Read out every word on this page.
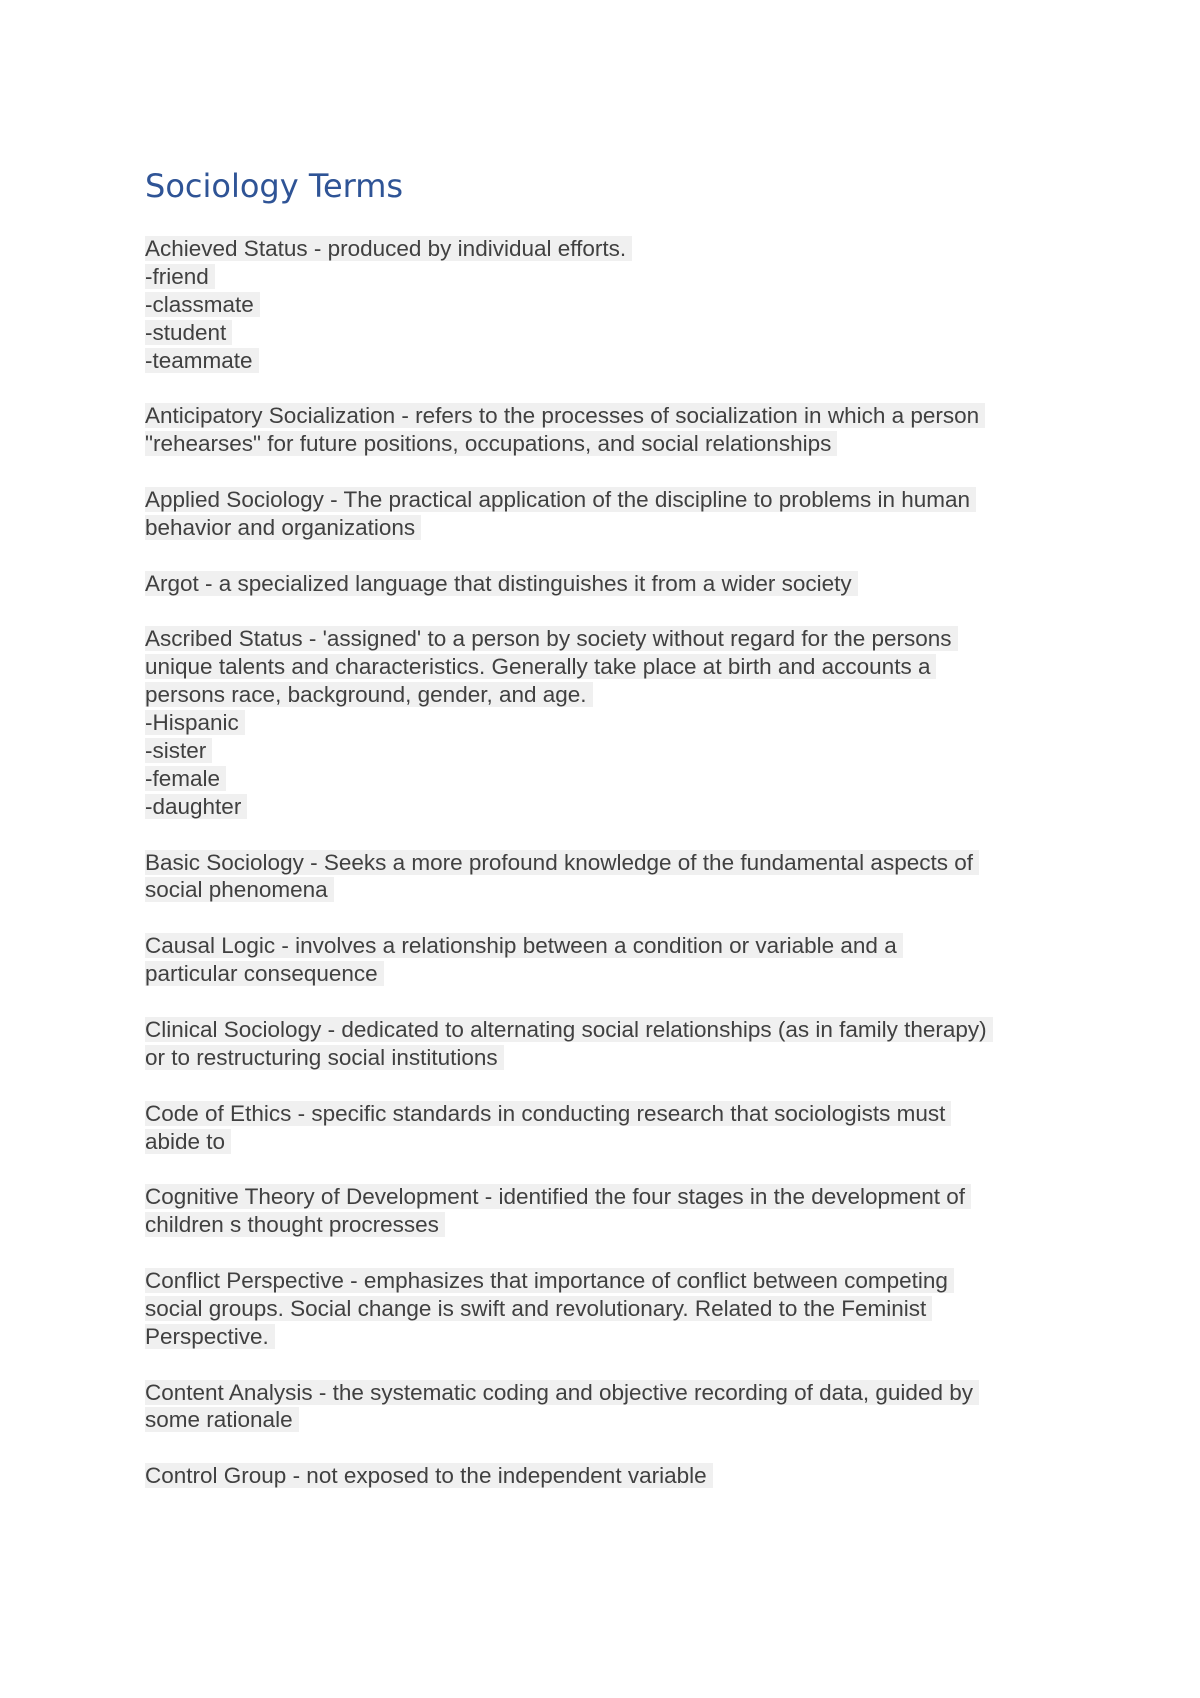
Sociology Terms
Achieved Status - produced by individual efforts.
-friend
-classmate
-student
-teammate
Anticipatory Socialization - refers to the processes of socialization in which a person
"rehearses" for future positions, occupations, and social relationships
Applied Sociology - The practical application of the discipline to problems in human
behavior and organizations
Argot - a specialized language that distinguishes it from a wider society
Ascribed Status - 'assigned' to a person by society without regard for the persons
unique talents and characteristics. Generally take place at birth and accounts a
persons race, background, gender, and age.
-Hispanic
-sister
-female
-daughter
Basic Sociology - Seeks a more profound knowledge of the fundamental aspects of
social phenomena
Causal Logic - involves a relationship between a condition or variable and a
particular consequence
Clinical Sociology - dedicated to alternating social relationships (as in family therapy)
or to restructuring social institutions
Code of Ethics - specific standards in conducting research that sociologists must
abide to
Cognitive Theory of Development - identified the four stages in the development of
children s thought procresses
Conflict Perspective - emphasizes that importance of conflict between competing
social groups. Social change is swift and revolutionary. Related to the Feminist
Perspective.
Content Analysis - the systematic coding and objective recording of data, guided by
some rationale
Control Group - not exposed to the independent variable
